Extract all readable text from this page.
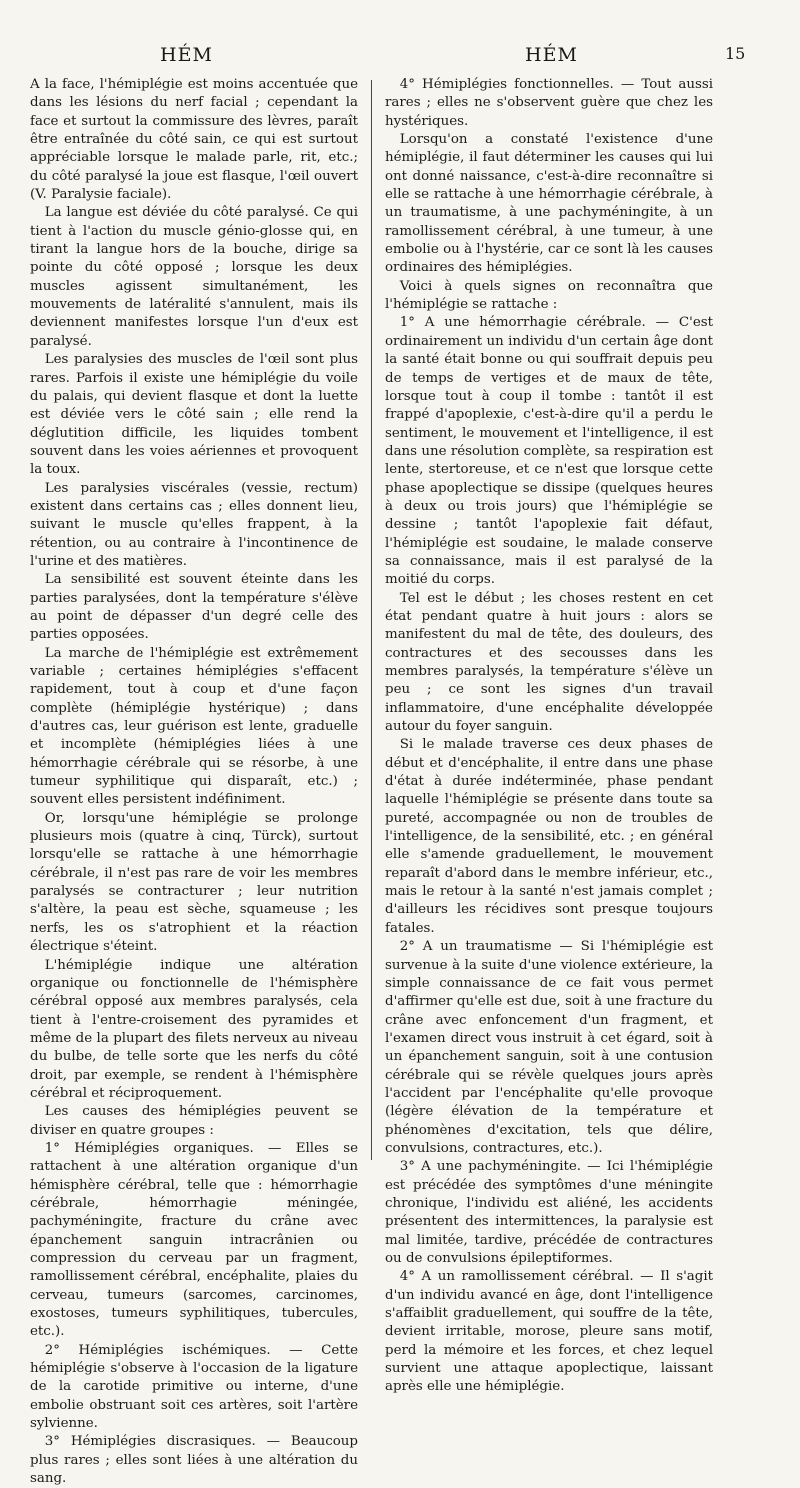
HÉM	HÉM	15

A la face, l'hémiplégie est moins accentuée que dans les lésions du nerf facial ; cependant la face et surtout la commissure des lèvres, paraît être entraînée du côté sain, ce qui est surtout appréciable lorsque le malade parle, rit, etc.; du côté paralysé la joue est flasque, l'œil ouvert (V. Paralysie faciale).

La langue est déviée du côté paralysé. Ce qui tient à l'action du muscle génio-glosse qui, en tirant la langue hors de la bouche, dirige sa pointe du côté opposé ; lorsque les deux muscles agissent simultanément, les mouvements de latéralité s'annulent, mais ils deviennent manifestes lorsque l'un d'eux est paralysé.

Les paralysies des muscles de l'œil sont plus rares. Parfois il existe une hémiplégie du voile du palais, qui devient flasque et dont la luette est déviée vers le côté sain ; elle rend la déglutition difficile, les liquides tombent souvent dans les voies aériennes et provoquent la toux.

Les paralysies viscérales (vessie, rectum) existent dans certains cas ; elles donnent lieu, suivant le muscle qu'elles frappent, à la rétention, ou au contraire à l'incontinence de l'urine et des matières.

La sensibilité est souvent éteinte dans les parties paralysées, dont la température s'élève au point de dépasser d'un degré celle des parties opposées.

La marche de l'hémiplégie est extrêmement variable ; certaines hémiplégies s'effacent rapidement, tout à coup et d'une façon complète (hémiplégie hystérique) ; dans d'autres cas, leur guérison est lente, graduelle et incomplète (hémiplégies liées à une hémorrhagie cérébrale qui se résorbe, à une tumeur syphilitique qui disparaît, etc.) ; souvent elles persistent indéfiniment.

Or, lorsqu'une hémiplégie se prolonge plusieurs mois (quatre à cinq, Türck), surtout lorsqu'elle se rattache à une hémorrhagie cérébrale, il n'est pas rare de voir les membres paralysés se contracturer ; leur nutrition s'altère, la peau est sèche, squameuse ; les nerfs, les os s'atrophient et la réaction électrique s'éteint.

L'hémiplégie indique une altération organique ou fonctionnelle de l'hémisphère cérébral opposé aux membres paralysés, cela tient à l'entre-croisement des pyramides et même de la plupart des filets nerveux au niveau du bulbe, de telle sorte que les nerfs du côté droit, par exemple, se rendent à l'hémisphère cérébral et réciproquement.

Les causes des hémiplégies peuvent se diviser en quatre groupes :

1° Hémiplégies organiques. — Elles se rattachent à une altération organique d'un hémisphère cérébral, telle que : hémorrhagie cérébrale, hémorrhagie méningée, pachyméningite, fracture du crâne avec épanchement sanguin intracrânien ou compression du cerveau par un fragment, ramollissement cérébral, encéphalite, plaies du cerveau, tumeurs (sarcomes, carcinomes, exostoses, tumeurs syphilitiques, tubercules, etc.).

2° Hémiplégies ischémiques. — Cette hémiplégie s'observe à l'occasion de la ligature de la carotide primitive ou interne, d'une embolie obstruant soit ces artères, soit l'artère sylvienne.

3° Hémiplégies discrasiques. — Beaucoup plus rares ; elles sont liées à une altération du sang.

4° Hémiplégies fonctionnelles. — Tout aussi rares ; elles ne s'observent guère que chez les hystériques.

Lorsqu'on a constaté l'existence d'une hémiplégie, il faut déterminer les causes qui lui ont donné naissance, c'est-à-dire reconnaître si elle se rattache à une hémorrhagie cérébrale, à un traumatisme, à une pachyméningite, à un ramollissement cérébral, à une tumeur, à une embolie ou à l'hystérie, car ce sont là les causes ordinaires des hémiplégies.

Voici à quels signes on reconnaîtra que l'hémiplégie se rattache :

1° A une hémorrhagie cérébrale. — C'est ordinairement un individu d'un certain âge dont la santé était bonne ou qui souffrait depuis peu de temps de vertiges et de maux de tête, lorsque tout à coup il tombe : tantôt il est frappé d'apoplexie, c'est-à-dire qu'il a perdu le sentiment, le mouvement et l'intelligence, il est dans une résolution complète, sa respiration est lente, stertoreuse, et ce n'est que lorsque cette phase apoplectique se dissipe (quelques heures à deux ou trois jours) que l'hémiplégie se dessine ; tantôt l'apoplexie fait défaut, l'hémiplégie est soudaine, le malade conserve sa connaissance, mais il est paralysé de la moitié du corps.

Tel est le début ; les choses restent en cet état pendant quatre à huit jours : alors se manifestent du mal de tête, des douleurs, des contractures et des secousses dans les membres paralysés, la température s'élève un peu ; ce sont les signes d'un travail inflammatoire, d'une encéphalite développée autour du foyer sanguin.

Si le malade traverse ces deux phases de début et d'encéphalite, il entre dans une phase d'état à durée indéterminée, phase pendant laquelle l'hémiplégie se présente dans toute sa pureté, accompagnée ou non de troubles de l'intelligence, de la sensibilité, etc. ; en général elle s'amende graduellement, le mouvement reparaît d'abord dans le membre inférieur, etc., mais le retour à la santé n'est jamais complet ; d'ailleurs les récidives sont presque toujours fatales.

2° A un traumatisme — Si l'hémiplégie est survenue à la suite d'une violence extérieure, la simple connaissance de ce fait vous permet d'affirmer qu'elle est due, soit à une fracture du crâne avec enfoncement d'un fragment, et l'examen direct vous instruit à cet égard, soit à un épanchement sanguin, soit à une contusion cérébrale qui se révèle quelques jours après l'accident par l'encéphalite qu'elle provoque (légère élévation de la température et phénomènes d'excitation, tels que délire, convulsions, contractures, etc.).

3° A une pachyméningite. — Ici l'hémiplégie est précédée des symptômes d'une méningite chronique, l'individu est aliéné, les accidents présentent des intermittences, la paralysie est mal limitée, tardive, précédée de contractures ou de convulsions épileptiformes.

4° A un ramollissement cérébral. — Il s'agit d'un individu avancé en âge, dont l'intelligence s'affaiblit graduellement, qui souffre de la tête, devient irritable, morose, pleure sans motif, perd la mémoire et les forces, et chez lequel survient une attaque apoplectique, laissant après elle une hémiplégie.
